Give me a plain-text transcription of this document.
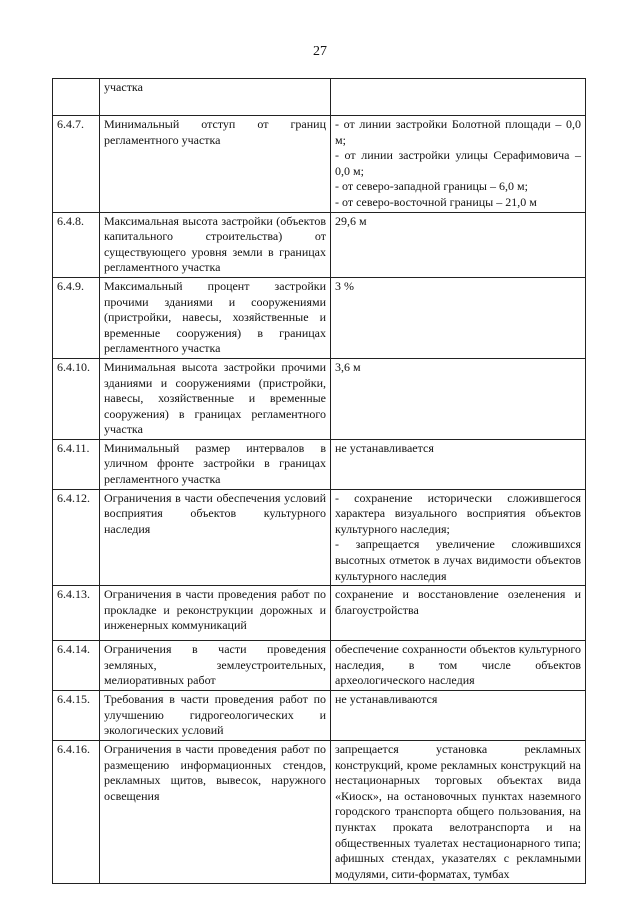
27
	участка	
6.4.7.	Минимальный отступ от границ регламентного участка	- от линии застройки Болотной площади – 0,0 м;
- от линии застройки улицы Серафимовича – 0,0 м;
- от северо-западной границы – 6,0 м;
- от северо-восточной границы – 21,0 м

6.4.8.	Максимальная высота застройки (объектов капитального строительства) от существующего уровня земли в границах регламентного участка	29,6 м

6.4.9.	Максимальный процент застройки прочими зданиями и сооружениями (пристройки, навесы, хозяйственные и временные сооружения) в границах регламентного участка	3 %

6.4.10.	Минимальная высота застройки прочими зданиями и сооружениями (пристройки, навесы, хозяйственные и временные сооружения) в границах регламентного участка	3,6 м

6.4.11.	Минимальный размер интервалов в уличном фронте застройки в границах регламентного участка	не устанавливается

6.4.12.	Ограничения в части обеспечения условий восприятия объектов культурного наследия	- сохранение исторически сложившегося характера визуального восприятия объектов культурного наследия;
- запрещается увеличение сложившихся высотных отметок в лучах видимости объектов культурного наследия

6.4.13.	Ограничения в части проведения работ по прокладке и реконструкции дорожных и инженерных коммуникаций	сохранение и восстановление озеленения и благоустройства

6.4.14.	Ограничения в части проведения земляных, землеустроительных, мелиоративных работ	обеспечение сохранности объектов культурного наследия, в том числе объектов археологического наследия

6.4.15.	Требования в части проведения работ по улучшению гидрогеологических и экологических условий	не устанавливаются

6.4.16.	Ограничения в части проведения работ по размещению информационных стендов, рекламных щитов, вывесок, наружного освещения	запрещается установка рекламных конструкций, кроме рекламных конструкций на нестационарных торговых объектах вида «Киоск», на остановочных пунктах наземного городского транспорта общего пользования, на пунктах проката велотранспорта и на общественных туалетах нестационарного типа; афишных стендах, указателях с рекламными модулями, сити-форматах, тумбах
